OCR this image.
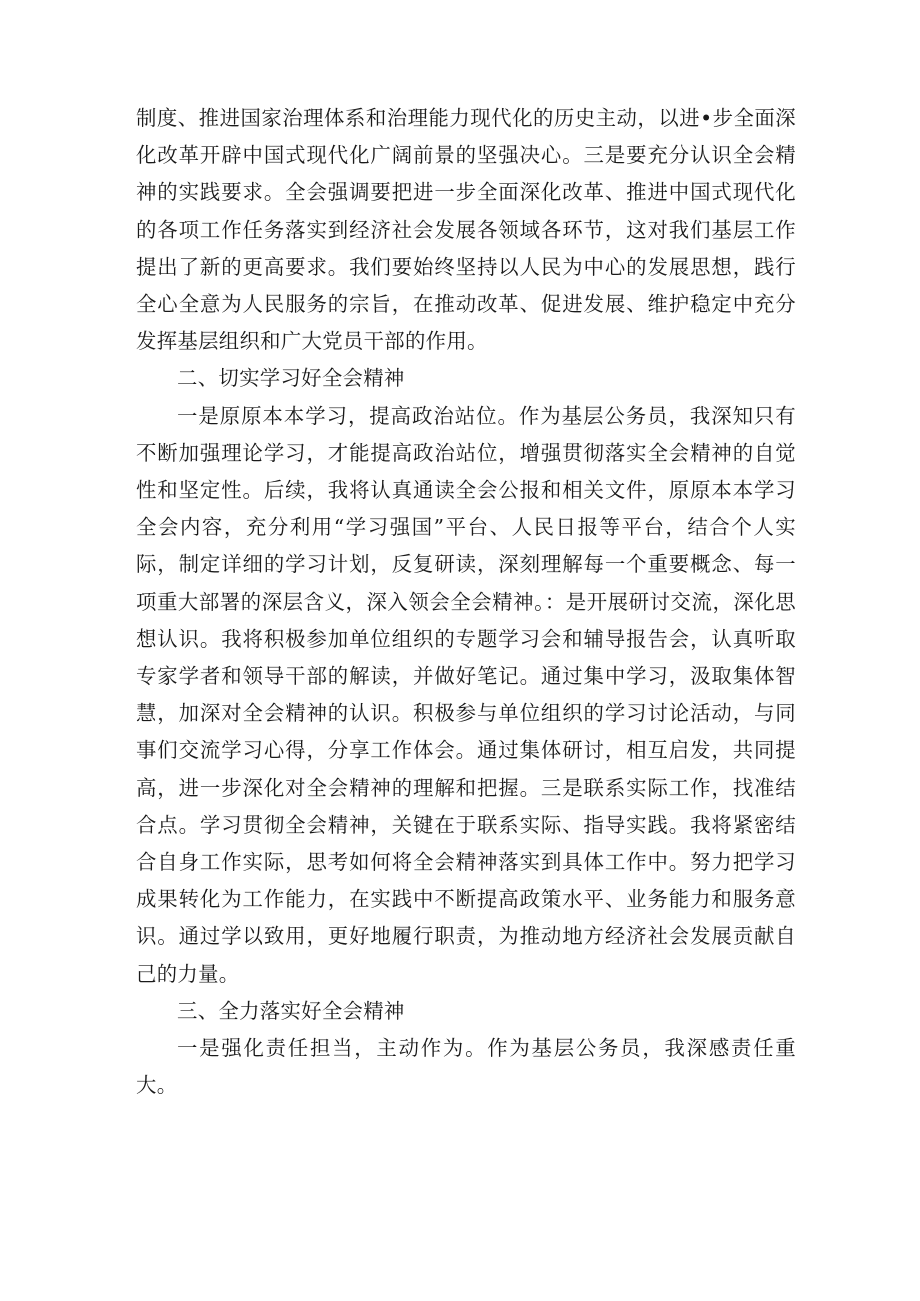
制度、推进国家治理体系和治理能力现代化的历史主动，以进•步全面深化改革开辟中国式现代化广阔前景的坚强决心。三是要充分认识全会精神的实践要求。全会强调要把进一步全面深化改革、推进中国式现代化的各项工作任务落实到经济社会发展各领域各环节，这对我们基层工作提出了新的更高要求。我们要始终坚持以人民为中心的发展思想，践行全心全意为人民服务的宗旨，在推动改革、促进发展、维护稳定中充分发挥基层组织和广大党员干部的作用。

二、切实学习好全会精神

一是原原本本学习，提高政治站位。作为基层公务员，我深知只有不断加强理论学习，才能提高政治站位，增强贯彻落实全会精神的自觉性和坚定性。后续，我将认真通读全会公报和相关文件，原原本本学习全会内容，充分利用“学习强国”平台、人民日报等平台，结合个人实际，制定详细的学习计划，反复研读，深刻理解每一个重要概念、每一项重大部署的深层含义，深入领会全会精神。：是开展研讨交流，深化思想认识。我将积极参加单位组织的专题学习会和辅导报告会，认真听取专家学者和领导干部的解读，并做好笔记。通过集中学习，汲取集体智慧，加深对全会精神的认识。积极参与单位组织的学习讨论活动，与同事们交流学习心得，分享工作体会。通过集体研讨，相互启发，共同提高，进一步深化对全会精神的理解和把握。三是联系实际工作，找准结合点。学习贯彻全会精神，关键在于联系实际、指导实践。我将紧密结合自身工作实际，思考如何将全会精神落实到具体工作中。努力把学习成果转化为工作能力，在实践中不断提高政策水平、业务能力和服务意识。通过学以致用，更好地履行职责，为推动地方经济社会发展贡献自己的力量。

三、全力落实好全会精神

一是强化责任担当，主动作为。作为基层公务员，我深感责任重大。
